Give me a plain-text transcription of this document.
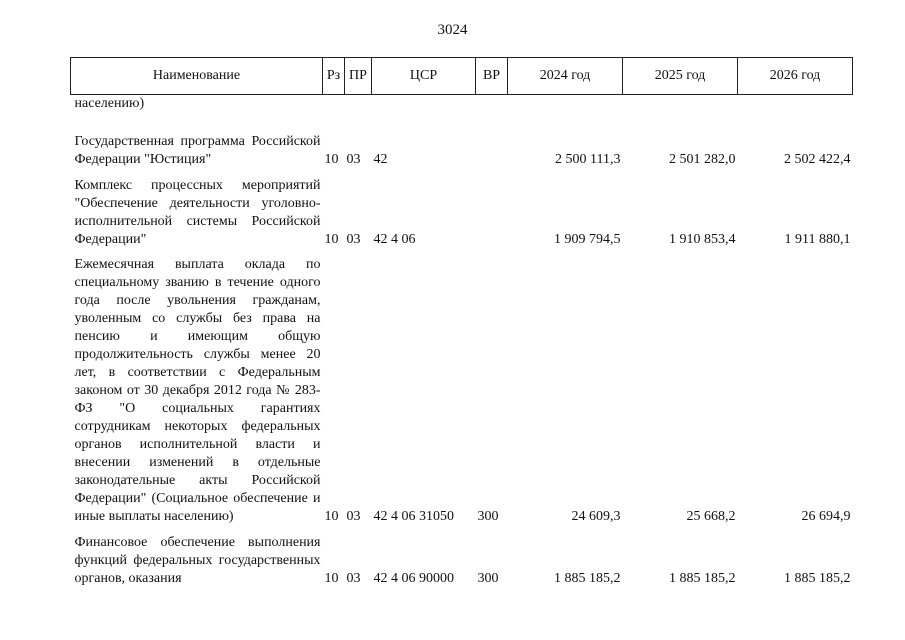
3024
Наименование	Рз	ПР	ЦСР	ВР	2024 год	2025 год	2026 год
населению)							

Государственная программа Российской Федерации "Юстиция"	10	03	42		2 500 111,3	2 501 282,0	2 502 422,4

Комплекс процессных мероприятий "Обеспечение деятельности уголовно-исполнительной системы Российской Федерации"	10	03	42 4 06		1 909 794,5	1 910 853,4	1 911 880,1

Ежемесячная выплата оклада по специальному званию в течение одного года после увольнения гражданам, уволенным со службы без права на пенсию и имеющим общую продолжительность службы менее 20 лет, в соответствии с Федеральным законом от 30 декабря 2012 года № 283-ФЗ "О социальных гарантиях сотрудникам некоторых федеральных органов исполнительной власти и внесении изменений в отдельные законодательные акты Российской Федерации" (Социальное обеспечение и иные выплаты населению)	10	03	42 4 06 31050	300	24 609,3	25 668,2	26 694,9

Финансовое обеспечение выполнения функций федеральных государственных органов, оказания	10	03	42 4 06 90000	300	1 885 185,2	1 885 185,2	1 885 185,2
